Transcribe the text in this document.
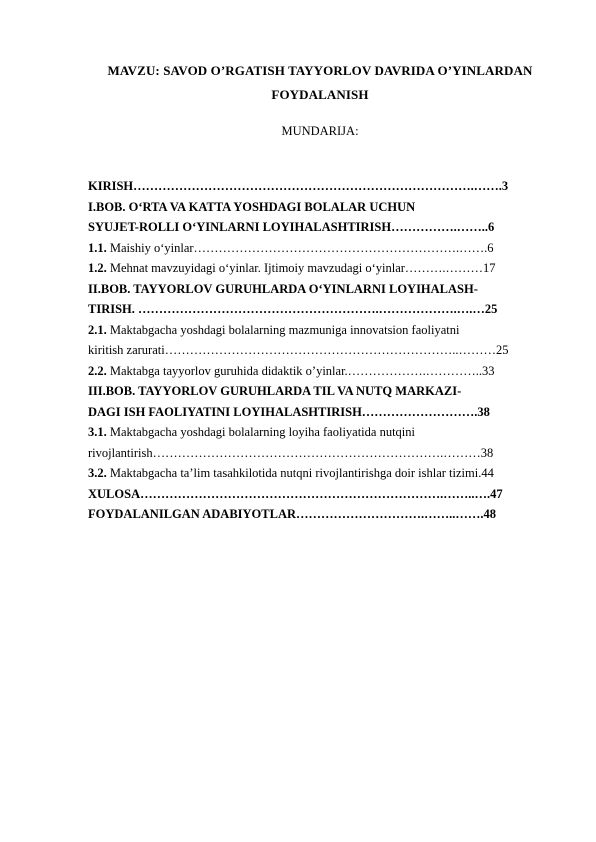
MAVZU: SAVOD O’RGATISH TAYYORLOV DAVRIDA O’YINLARDAN
FOYDALANISH
MUNDARIJA:
KIRISH……………………………………………………………………….…….3
I.BOB. O‘RTA VA KATTA YOSHDAGI BOLALAR UCHUN
SYUJET-ROLLI O‘YINLARNI LOYIHALASHTIRISH…………….……..6
1.1. Maishiy o‘yinlar……………………………………………………….…….6
1.2. Mehnat mavzuyidagi o‘yinlar. Ijtimoiy mavzudagi o‘yinlar……….………17
II.BOB. TAYYORLOV GURUHLARDA O‘YINLARNI LOYIHALASH-
TIRISH. ………………………………………………….……………….….…25
2.1. Maktabgacha yoshdagi bolalarning mazmuniga innovatsion faoliyatni
kiritish zarurati……………………………………………………………..………25
2.2. Maktabga tayyorlov guruhida didaktik o’yinlar.……………….…………..33
III.BOB. TAYYORLOV GURUHLARDA TIL VA NUTQ MARKAZI-
DAGI ISH FAOLIYATINI LOYIHALASHTIRISH……………………….38
3.1. Maktabgacha yoshdagi bolalarning loyiha faoliyatida nutqini
rivojlantirish…………………………………………………………….………38
3.2. Maktabgacha ta’lim tasahkilotida nutqni rivojlantirishga doir ishlar tizimi.44
XULOSA……………………………………………………………….……..….47
FOYDALANILGAN ADABIYOTLAR………………………….……..…….48
